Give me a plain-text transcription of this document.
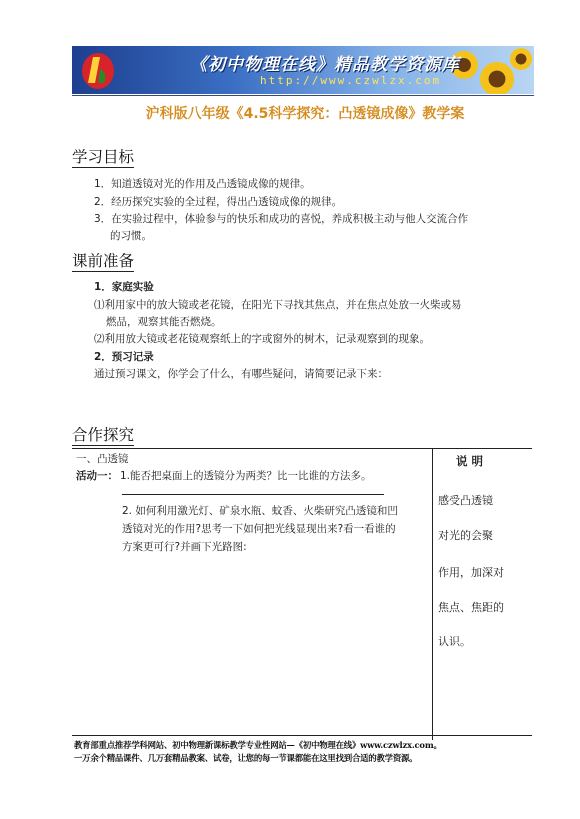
《初中物理在线》精品教学资源库
http://www.czwlzx.com
沪科版八年级《4.5科学探究：凸透镜成像》教学案
学习目标
1．知道透镜对光的作用及凸透镜成像的规律。
2．经历探究实验的全过程，得出凸透镜成像的规律。
3．在实验过程中，体验参与的快乐和成功的喜悦，养成积极主动与他人交流合作
的习惯。
课前准备
1．家庭实验
⑴利用家中的放大镜或老花镜，在阳光下寻找其焦点，并在焦点处放一火柴或易
燃品，观察其能否燃烧。
⑵利用放大镜或老花镜观察纸上的字或窗外的树木，记录观察到的现象。
2．预习记录
通过预习课文，你学会了什么，有哪些疑问，请简要记录下来：
合作探究
一、凸透镜
活动一： 1.能否把桌面上的透镜分为两类？比一比谁的方法多。
2. 如何利用激光灯、矿泉水瓶、蚊香、火柴研究凸透镜和凹
透镜对光的作用?思考一下如何把光线显现出来?看一看谁的
方案更可行?并画下光路图:
说 明
感受凸透镜
对光的会聚
作用，加深对
焦点、焦距的
认识。
教育部重点推荐学科网站、初中物理新课标教学专业性网站—《初中物理在线》www.czwlzx.com。
一万余个精品课件、几万套精品教案、试卷，让您的每一节课都能在这里找到合适的教学资源。
